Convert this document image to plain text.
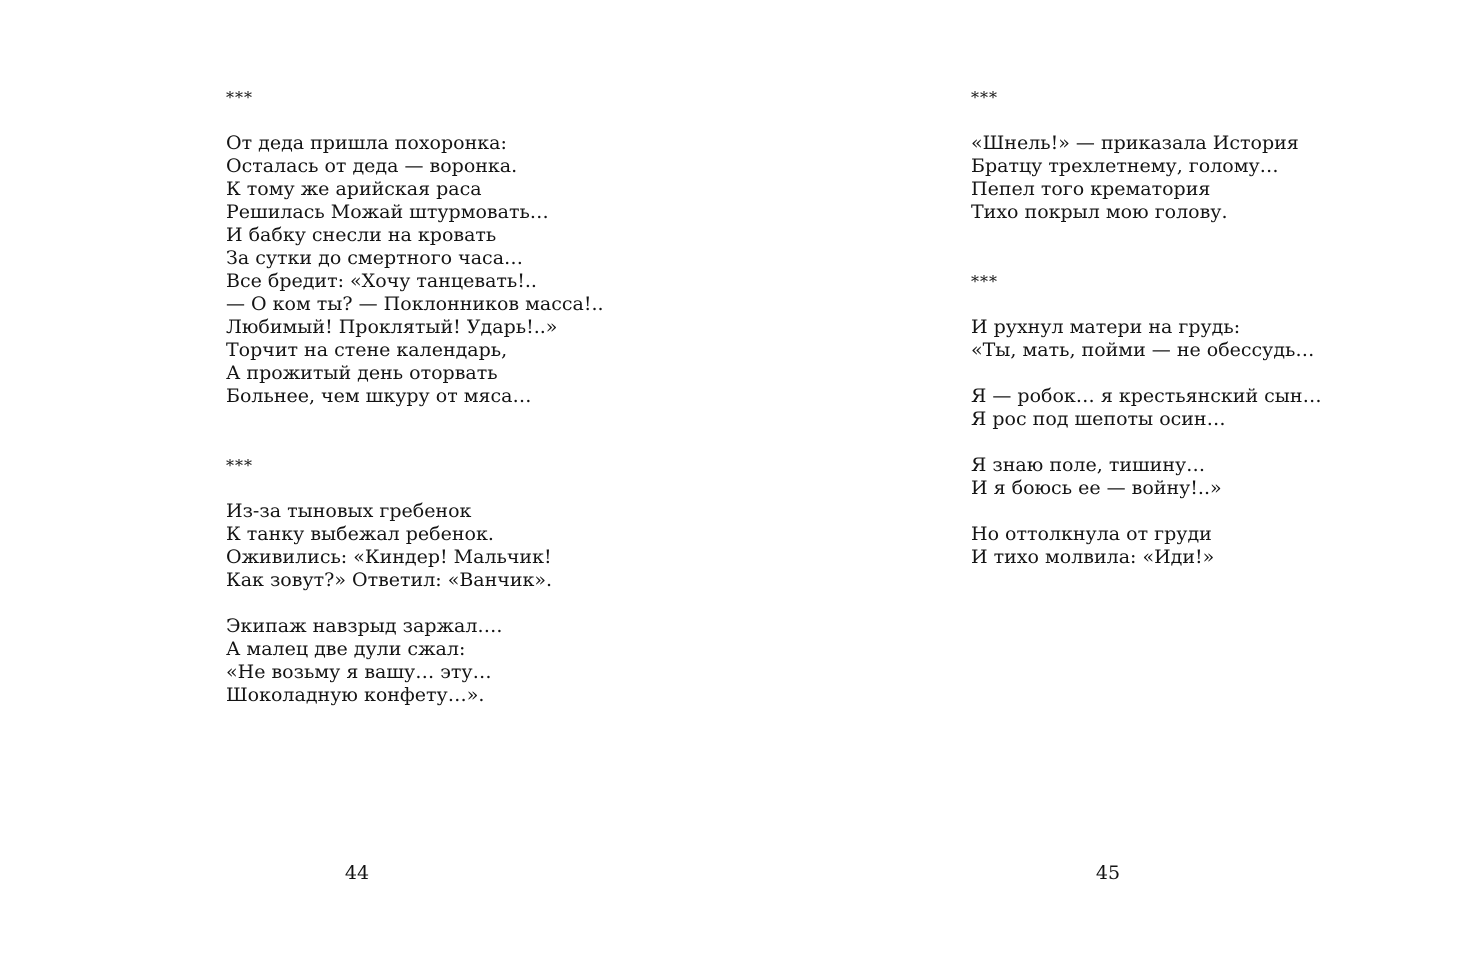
***
От деда пришла похоронка:
Осталась от деда — воронка.
К тому же арийская раса
Решилась Можай штурмовать…
И бабку снесли на кровать
За сутки до смертного часа…
Все бредит: «Хочу танцевать!..
— О ком ты? — Поклонников масса!..
Любимый! Проклятый! Ударь!..»
Торчит на стене календарь,
А прожитый день оторвать
Больнее, чем шкуру от мяса…
***
Из-за тыновых гребенок
К танку выбежал ребенок.
Оживились: «Киндер! Мальчик!
Как зовут?» Ответил: «Ванчик».
Экипаж навзрыд заржал….
А малец две дули сжал:
«Не возьму я вашу… эту…
Шоколадную конфету…».
44
***
«Шнель!» — приказала История
Братцу трехлетнему, голому…
Пепел того крематория
Тихо покрыл мою голову.
***
И рухнул матери на грудь:
«Ты, мать, пойми — не обессудь…
Я — робок… я крестьянский сын…
Я рос под шепоты осин…
Я знаю поле, тишину…
И я боюсь ее — войну!..»
Но оттолкнула от груди
И тихо молвила: «Иди!»
45
